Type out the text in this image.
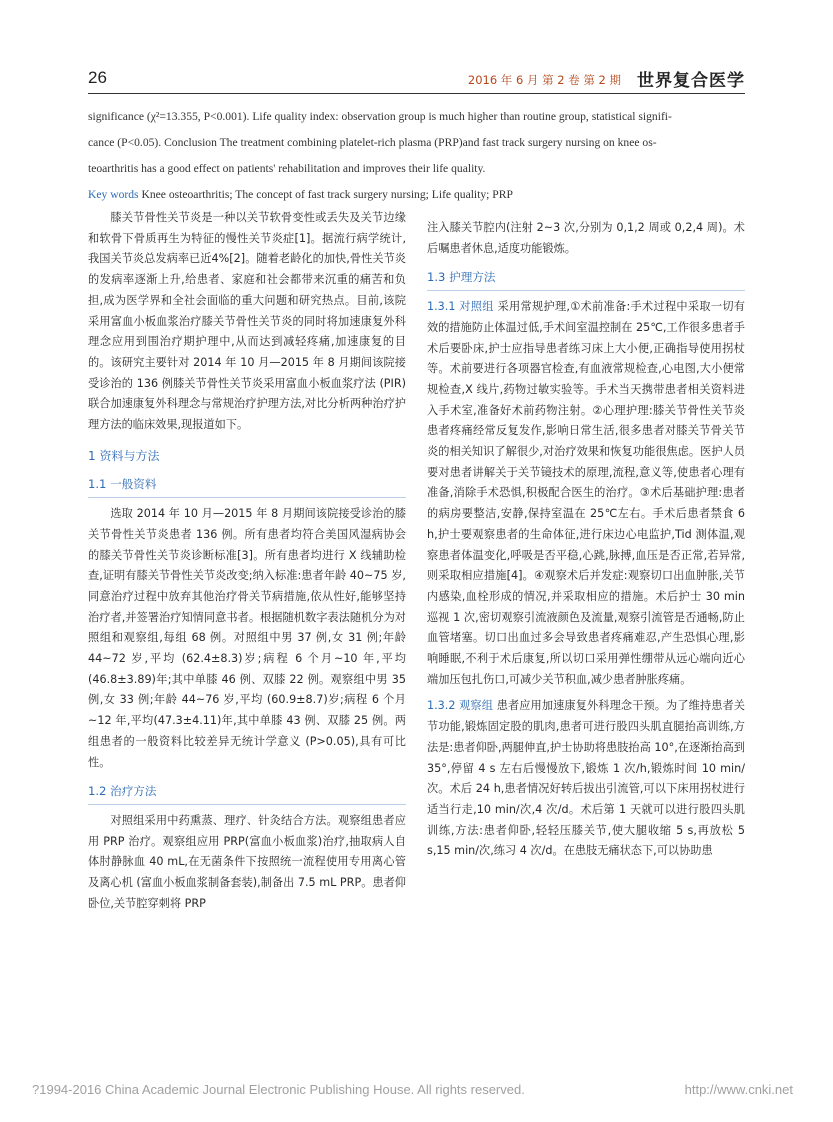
26	2016 年 6 月 第 2 卷 第 2 期 世界复合医学
significance (χ²=13.355, P<0.001). Life quality index: observation group is much higher than routine group, statistical signifi-
cance (P<0.05). Conclusion The treatment combining platelet-rich plasma (PRP)and fast track surgery nursing on knee os-
teoarthritis has a good effect on patients' rehabilitation and improves their life quality.
Key words Knee osteoarthritis; The concept of fast track surgery nursing; Life quality; PRP

膝关节骨性关节炎是一种以关节软骨变性或丢失及关节边缘和软骨下骨质再生为特征的慢性关节炎症[1]。据流行病学统计,我国关节炎总发病率已近4%[2]。随着老龄化的加快,骨性关节炎的发病率逐渐上升,给患者、家庭和社会都带来沉重的痛苦和负担,成为医学界和全社会面临的重大问题和研究热点。目前,该院采用富血小板血浆治疗膝关节骨性关节炎的同时将加速康复外科理念应用到围治疗期护理中,从而达到减轻疼痛,加速康复的目的。该研究主要针对 2014 年 10 月—2015 年 8 月期间该院接受诊治的 136 例膝关节骨性关节炎采用富血小板血浆疗法 (PIR)联合加速康复外科理念与常规治疗护理方法,对比分析两种治疗护理方法的临床效果,现报道如下。

1 资料与方法
1.1 一般资料

选取 2014 年 10 月—2015 年 8 月期间该院接受诊治的膝关节骨性关节炎患者 136 例。所有患者均符合美国风湿病协会的膝关节骨性关节炎诊断标准[3]。所有患者均进行 X 线辅助检查,证明有膝关节骨性关节炎改变;纳入标准:患者年龄 40~75 岁,同意治疗过程中放弃其他治疗骨关节病措施,依从性好,能够坚持治疗者,并签署治疗知情同意书者。根据随机数字表法随机分为对照组和观察组,每组 68 例。对照组中男 37 例,女 31 例;年龄 44~72 岁,平均 (62.4±8.3)岁;病程 6 个月~10 年,平均 (46.8±3.89)年;其中单膝 46 例、双膝 22 例。观察组中男 35 例,女 33 例;年龄 44~76 岁,平均 (60.9±8.7)岁;病程 6 个月~12 年,平均(47.3±4.11)年,其中单膝 43 例、双膝 25 例。两组患者的一般资料比较差异无统计学意义 (P>0.05),具有可比性。

1.2 治疗方法

对照组采用中药熏蒸、理疗、针灸结合方法。观察组患者应用 PRP 治疗。观察组应用 PRP(富血小板血浆)治疗,抽取病人自体肘静脉血 40 mL,在无菌条件下按照统一流程使用专用离心管及离心机 (富血小板血浆制备套装),制备出 7.5 mL PRP。患者仰卧位,关节腔穿刺将 PRP

注入膝关节腔内(注射 2~3 次,分别为 0,1,2 周或 0,2,4 周)。术后嘱患者休息,适度功能锻炼。

1.3 护理方法

1.3.1 对照组 采用常规护理,①术前准备:手术过程中采取一切有效的措施防止体温过低,手术间室温控制在 25℃,工作很多患者手术后要卧床,护士应指导患者练习床上大小便,正确指导使用拐杖等。术前要进行各项器官检查,有血液常规检查,心电图,大小便常规检查,X 线片,药物过敏实验等。手术当天携带患者相关资料进入手术室,准备好术前药物注射。②心理护理:膝关节骨性关节炎患者疼痛经常反复发作,影响日常生活,很多患者对膝关节骨关节炎的相关知识了解很少,对治疗效果和恢复功能很焦虑。医护人员要对患者讲解关于关节镜技术的原理,流程,意义等,使患者心理有准备,消除手术恐惧,积极配合医生的治疗。③术后基础护理:患者的病房要整洁,安静,保持室温在 25℃左右。手术后患者禁食 6 h,护士要观察患者的生命体征,进行床边心电监护,Tid 测体温,观察患者体温变化,呼吸是否平稳,心跳,脉搏,血压是否正常,若异常,则采取相应措施[4]。④观察术后并发症:观察切口出血肿胀,关节内感染,血栓形成的情况,并采取相应的措施。术后护士 30 min 巡视 1 次,密切观察引流液颜色及流量,观察引流管是否通畅,防止血管堵塞。切口出血过多会导致患者疼痛难忍,产生恐惧心理,影响睡眠,不利于术后康复,所以切口采用弹性绷带从远心端向近心端加压包扎伤口,可减少关节积血,减少患者肿胀疼痛。

1.3.2 观察组 患者应用加速康复外科理念干预。为了维持患者关节功能,锻炼固定股的肌肉,患者可进行股四头肌直腿抬高训练,方法是:患者仰卧,两腿伸直,护士协助将患肢抬高 10°,在逐渐抬高到 35°,停留 4 s 左右后慢慢放下,锻炼 1 次/h,锻炼时间 10 min/次。术后 24 h,患者情况好转后拔出引流管,可以下床用拐杖进行适当行走,10 min/次,4 次/d。术后第 1 天就可以进行股四头肌训练,方法:患者仰卧,轻轻压膝关节,使大腿收缩 5 s,再放松 5 s,15 min/次,练习 4 次/d。在患肢无痛状态下,可以协助患

?1994-2016 China Academic Journal Electronic Publishing House. All rights reserved.	http://www.cnki.net
